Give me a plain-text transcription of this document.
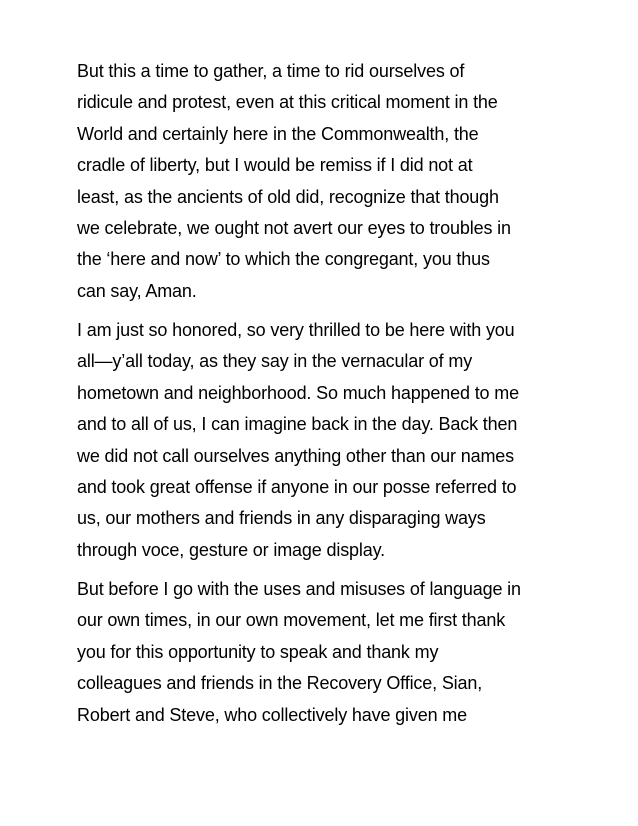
But this a time to gather, a time to rid ourselves of
ridicule and protest, even at this critical moment in the
World and certainly here in the Commonwealth, the
cradle of liberty, but I would be remiss if I did not at
least, as the ancients of old did, recognize that though
we celebrate, we ought not avert our eyes to troubles in
the ‘here and now’ to which the congregant, you thus
can say, Aman.
I am just so honored, so very thrilled to be here with you
all—y’all today, as they say in the vernacular of my
hometown and neighborhood. So much happened to me
and to all of us, I can imagine back in the day. Back then
we did not call ourselves anything other than our names
and took great offense if anyone in our posse referred to
us, our mothers and friends in any disparaging ways
through voce, gesture or image display.
But before I go with the uses and misuses of language in
our own times, in our own movement, let me first thank
you for this opportunity to speak and thank my
colleagues and friends in the Recovery Office, Sian,
Robert and Steve, who collectively have given me
